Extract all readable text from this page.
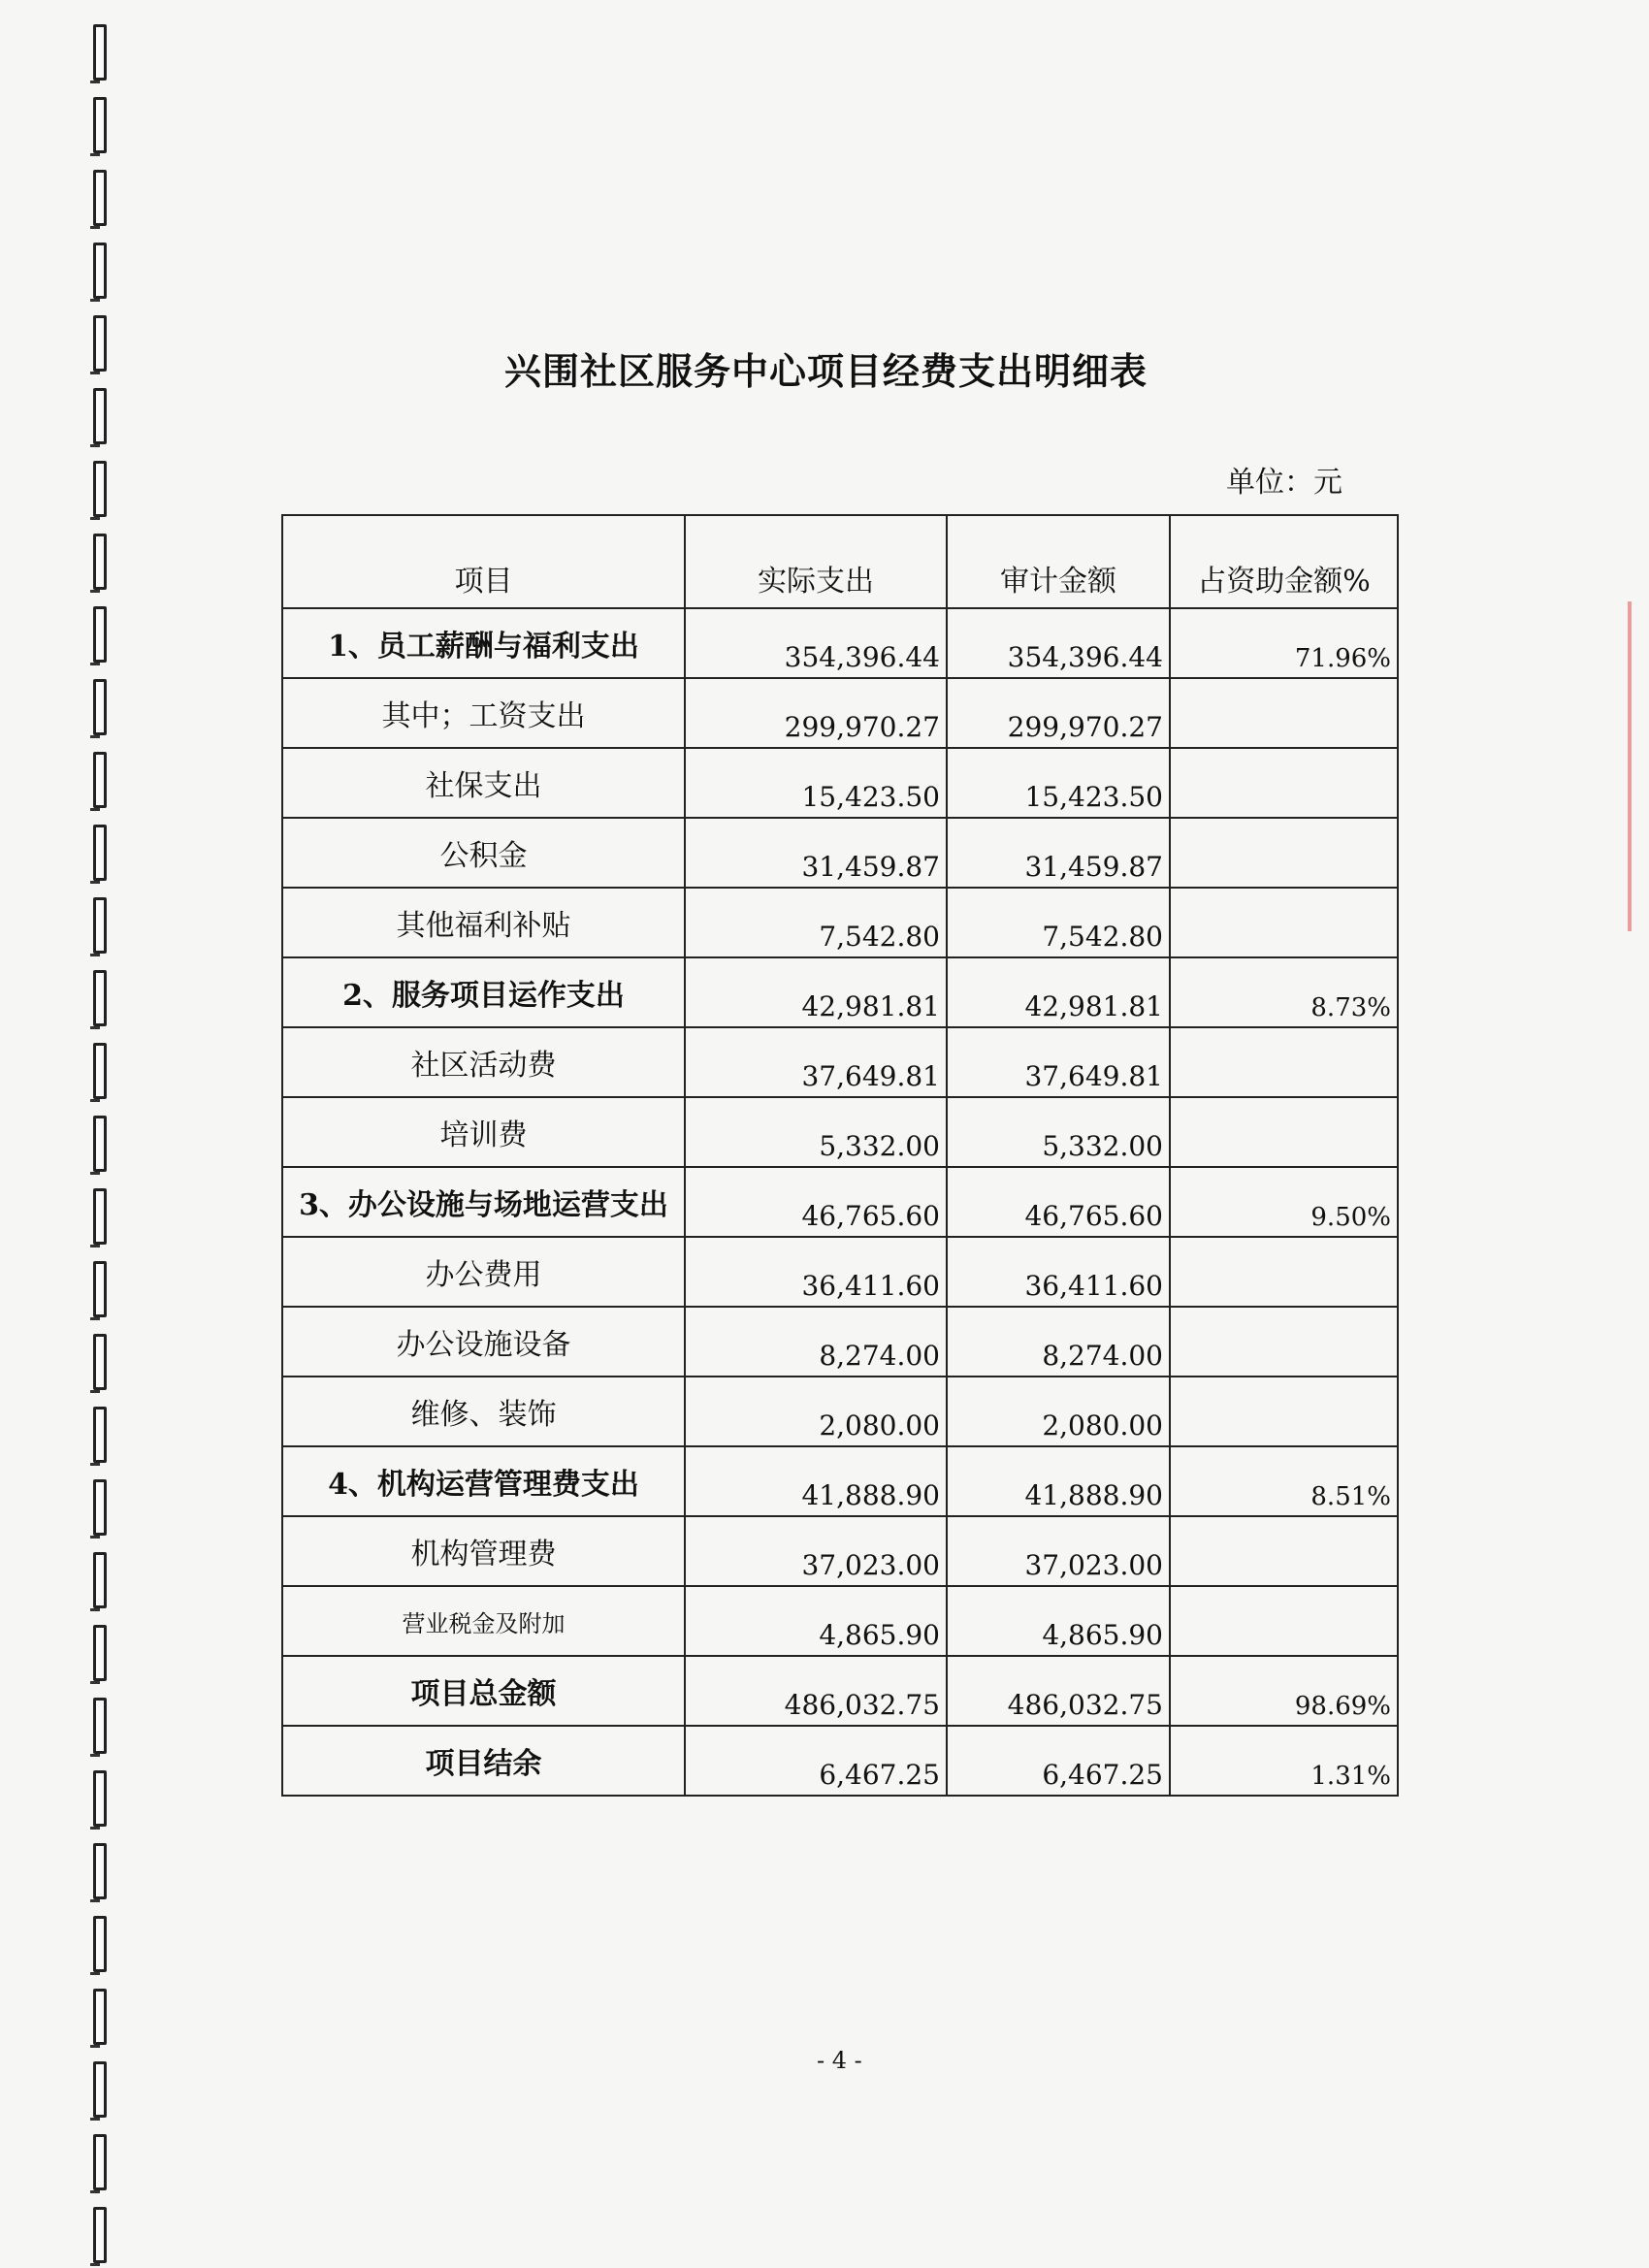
兴围社区服务中心项目经费支出明细表
单位：元
项目	实际支出	审计金额	占资助金额%
1、员工薪酬与福利支出	354,396.44	354,396.44	71.96%
其中；工资支出	299,970.27	299,970.27	
社保支出	15,423.50	15,423.50	
公积金	31,459.87	31,459.87	
其他福利补贴	7,542.80	7,542.80	
2、服务项目运作支出	42,981.81	42,981.81	8.73%
社区活动费	37,649.81	37,649.81	
培训费	5,332.00	5,332.00	
3、办公设施与场地运营支出	46,765.60	46,765.60	9.50%
办公费用	36,411.60	36,411.60	
办公设施设备	8,274.00	8,274.00	
维修、装饰	2,080.00	2,080.00	
4、机构运营管理费支出	41,888.90	41,888.90	8.51%
机构管理费	37,023.00	37,023.00	
营业税金及附加	4,865.90	4,865.90	
项目总金额	486,032.75	486,032.75	98.69%
项目结余	6,467.25	6,467.25	1.31%
- 4 -
